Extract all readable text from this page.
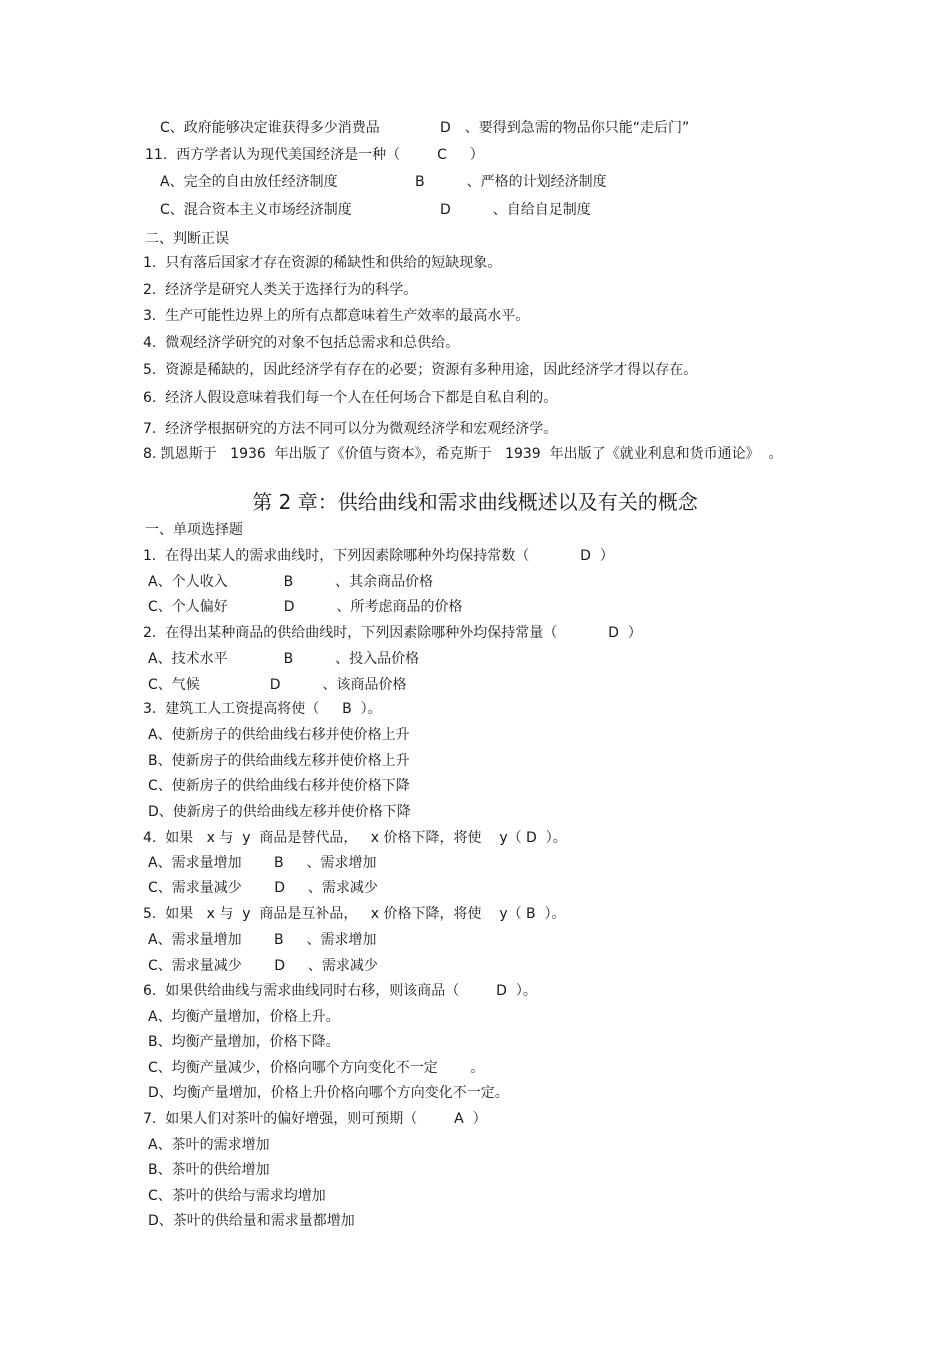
C、政府能够决定谁获得多少消费品	D　、要得到急需的物品你只能“走后门”
11.  西方学者认为现代美国经济是一种（　　  C　  ）
A、完全的自由放任经济制度	B　　　、严格的计划经济制度
C、混合资本主义市场经济制度	D　　　、自给自足制度
二、判断正误
1.  只有落后国家才存在资源的稀缺性和供给的短缺现象。
2.  经济学是研究人类关于选择行为的科学。
3.  生产可能性边界上的所有点都意味着生产效率的最高水平。
4.  微观经济学研究的对象不包括总需求和总供给。
5.  资源是稀缺的，因此经济学有存在的必要；资源有多种用途，因此经济学才得以存在。
6.  经济人假设意味着我们每一个人在任何场合下都是自私自利的。
7.  经济学根据研究的方法不同可以分为微观经济学和宏观经济学。
8. 凯恩斯于   1936  年出版了《价值与资本》，希克斯于   1939  年出版了《就业利息和货币通论》  。
第 2 章：供给曲线和需求曲线概述以及有关的概念
一、单项选择题
1.  在得出某人的需求曲线时，下列因素除哪种外均保持常数（　　　  D  ）
A、个人收入　　　　B　　　、其余商品价格
C、个人偏好　　　　D　　　、所考虑商品的价格
2.  在得出某种商品的供给曲线时，下列因素除哪种外均保持常量（　　　  D  ）
A、技术水平　　　　B　　　、投入品价格
C、气候　　　　　D　　　、该商品价格
3.  建筑工人工资提高将使（　  B  ）。
A、使新房子的供给曲线右移并使价格上升
B、使新房子的供给曲线左移并使价格上升
C、使新房子的供给曲线右移并使价格下降
D、使新房子的供给曲线左移并使价格下降
4.  如果   x 与  y  商品是替代品，   x 价格下降，将使    y（ D  ）。
A、需求量增加　　 B　  、需求增加
C、需求量减少　　 D　  、需求减少
5.  如果   x 与  y  商品是互补品，   x 价格下降，将使    y（ B  ）。
A、需求量增加　　 B　  、需求增加
C、需求量减少　　 D　  、需求减少
6.  如果供给曲线与需求曲线同时右移，则该商品（　　  D  ）。
A、均衡产量增加，价格上升。
B、均衡产量增加，价格下降。
C、均衡产量减少，价格向哪个方向变化不一定　　 。
D、均衡产量增加，价格上升价格向哪个方向变化不一定。
7.  如果人们对茶叶的偏好增强，则可预期（　　  A  ）
A、茶叶的需求增加
B、茶叶的供给增加
C、茶叶的供给与需求均增加
D、茶叶的供给量和需求量都增加
